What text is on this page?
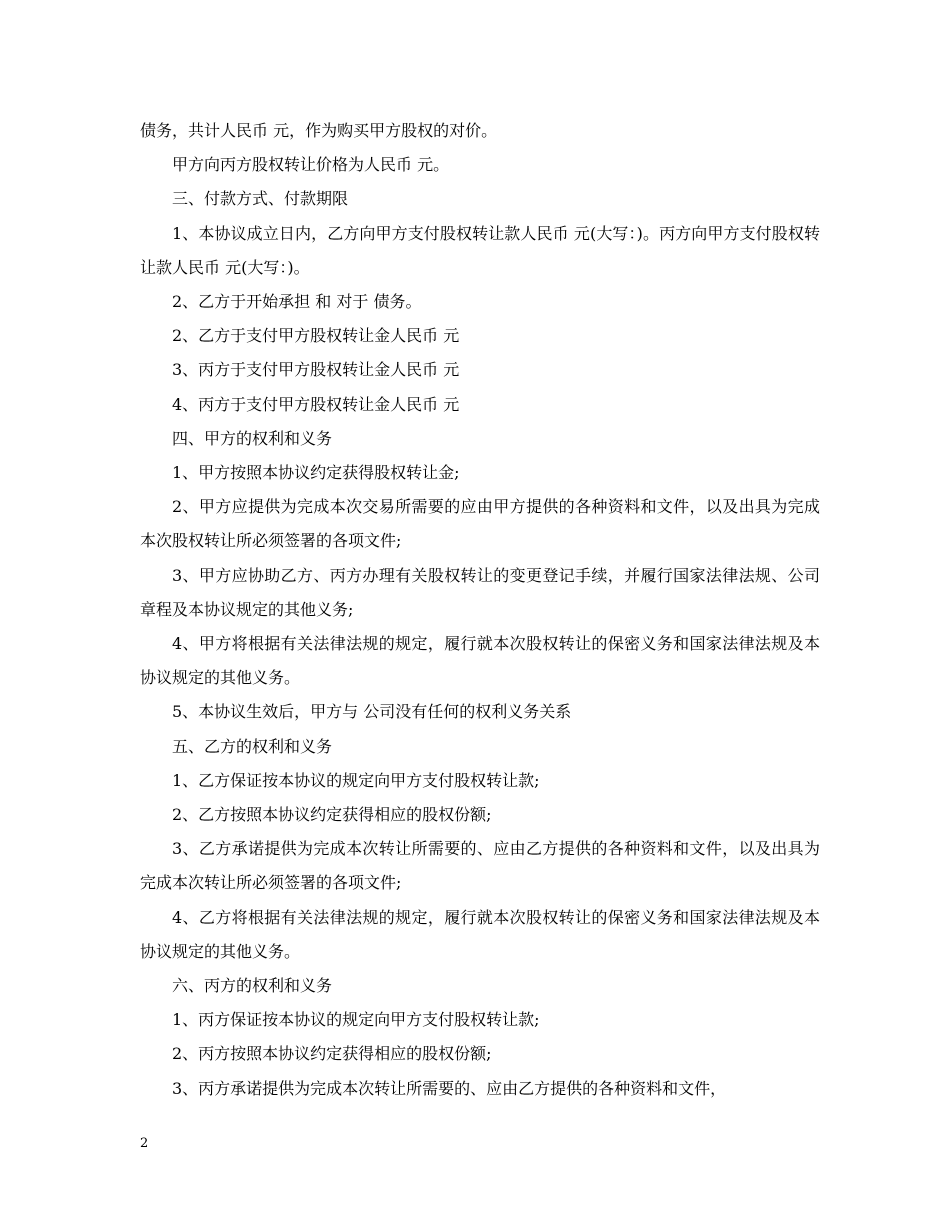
债务，共计人民币 元，作为购买甲方股权的对价。

甲方向丙方股权转让价格为人民币 元。

三、付款方式、付款期限

1、本协议成立日内，乙方向甲方支付股权转让款人民币 元(大写：)。丙方向甲方支付股权转让款人民币 元(大写：)。

2、乙方于开始承担 和 对于 债务。

2、乙方于支付甲方股权转让金人民币 元

3、丙方于支付甲方股权转让金人民币 元

4、丙方于支付甲方股权转让金人民币 元

四、甲方的权利和义务

1、甲方按照本协议约定获得股权转让金;

2、甲方应提供为完成本次交易所需要的应由甲方提供的各种资料和文件，以及出具为完成本次股权转让所必须签署的各项文件;

3、甲方应协助乙方、丙方办理有关股权转让的变更登记手续，并履行国家法律法规、公司章程及本协议规定的其他义务;

4、甲方将根据有关法律法规的规定，履行就本次股权转让的保密义务和国家法律法规及本协议规定的其他义务。

5、本协议生效后，甲方与 公司没有任何的权利义务关系

五、乙方的权利和义务

1、乙方保证按本协议的规定向甲方支付股权转让款;

2、乙方按照本协议约定获得相应的股权份额;

3、乙方承诺提供为完成本次转让所需要的、应由乙方提供的各种资料和文件，以及出具为完成本次转让所必须签署的各项文件;

4、乙方将根据有关法律法规的规定，履行就本次股权转让的保密义务和国家法律法规及本协议规定的其他义务。

六、丙方的权利和义务

1、丙方保证按本协议的规定向甲方支付股权转让款;

2、丙方按照本协议约定获得相应的股权份额;

3、丙方承诺提供为完成本次转让所需要的、应由乙方提供的各种资料和文件，

2
